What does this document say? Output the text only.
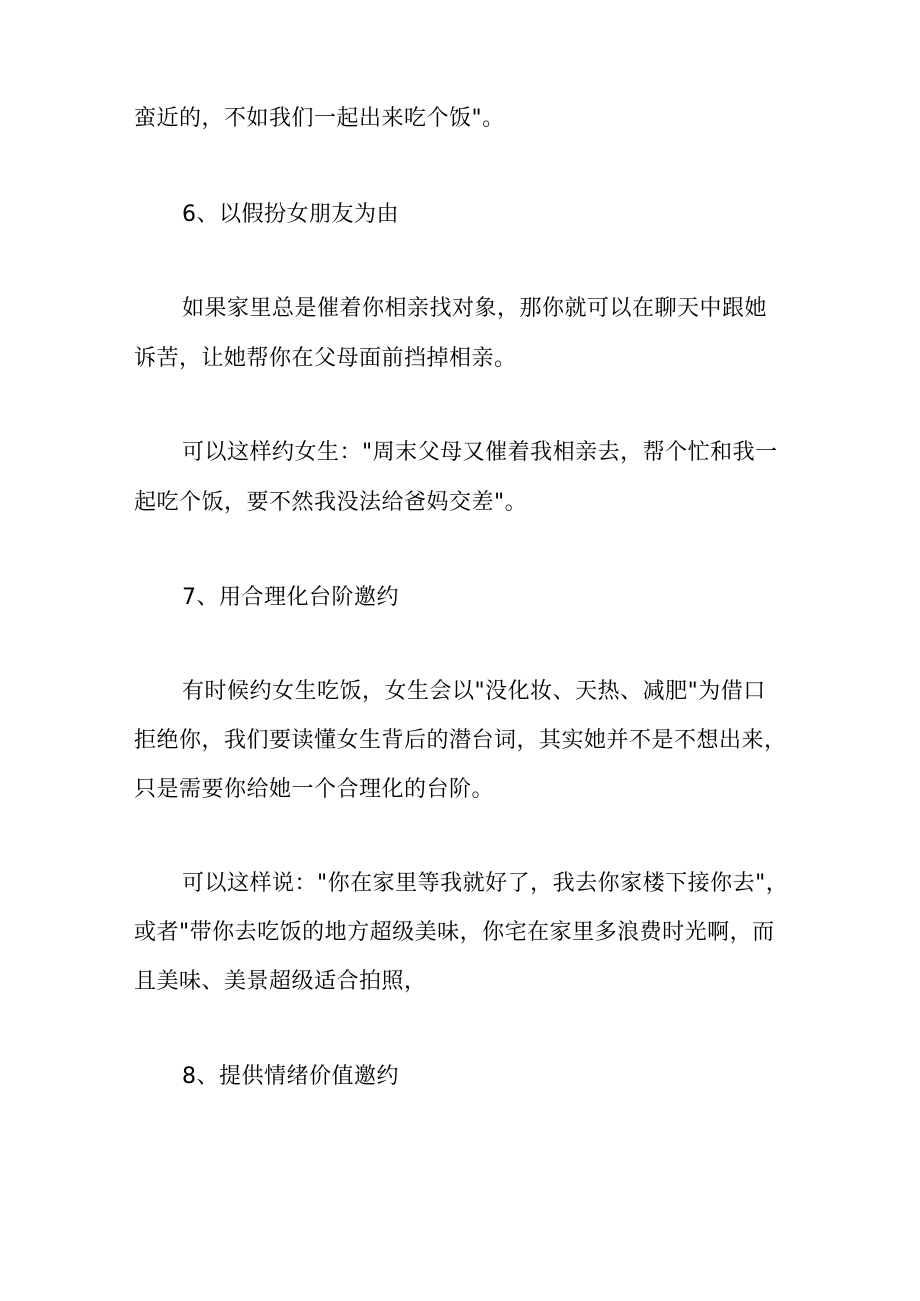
蛮近的，不如我们一起出来吃个饭"。
6、以假扮女朋友为由
如果家里总是催着你相亲找对象，那你就可以在聊天中跟她
诉苦，让她帮你在父母面前挡掉相亲。
可以这样约女生："周末父母又催着我相亲去，帮个忙和我一
起吃个饭，要不然我没法给爸妈交差"。
7、用合理化台阶邀约
有时候约女生吃饭，女生会以"没化妆、天热、减肥"为借口
拒绝你，我们要读懂女生背后的潜台词，其实她并不是不想出来，
只是需要你给她一个合理化的台阶。
可以这样说："你在家里等我就好了，我去你家楼下接你去"，
或者"带你去吃饭的地方超级美味，你宅在家里多浪费时光啊，而
且美味、美景超级适合拍照，
8、提供情绪价值邀约
